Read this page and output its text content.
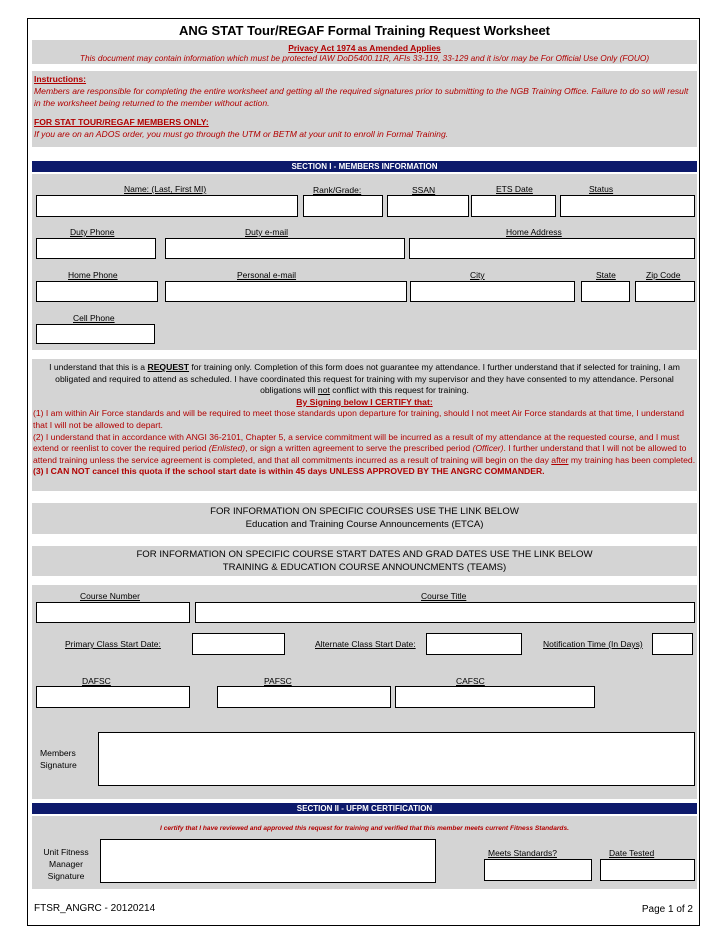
ANG STAT Tour/REGAF Formal Training Request Worksheet
Privacy Act 1974 as Amended Applies
This document may contain information which must be protected IAW DoD5400.11R, AFIs 33-119, 33-129 and it is/or may be For Official Use Only (FOUO)
Instructions:
Members are responsible for completing the entire worksheet and getting all the required signatures prior to submitting to the NGB Training Office. Failure to do so will result in the worksheet being returned to the member without action.
FOR STAT TOUR/REGAF MEMBERS ONLY:
If you are on an ADOS order, you must go through the UTM or BETM at your unit to enroll in Formal Training.
SECTION I - MEMBERS INFORMATION
Name: (Last, First MI)	Rank/Grade:	SSAN	ETS Date	Status
Duty Phone	Duty e-mail	Home Address
Home Phone	Personal e-mail	City	State	Zip Code
Cell Phone
I understand that this is a REQUEST for training only. Completion of this form does not guarantee my attendance. I further understand that if selected for training, I am obligated and required to attend as scheduled. I have coordinated this request for training with my supervisor and they have consented to my attendance. Personal obligations will not conflict with this request for training.
By Signing below I CERTIFY that:
(1) I am within Air Force standards and will be required to meet those standards upon departure for training, should I not meet Air Force standards at that time, I understand that I will not be allowed to depart.
(2) I understand that in accordance with ANGI 36-2101, Chapter 5, a service commitment will be incurred as a result of my attendance at the requested course, and I must extend or reenlist to cover the required period (Enlisted), or sign a written agreement to serve the prescribed period (Officer). I further understand that I will not be allowed to attend training unless the service agreement is completed, and that all commitments incurred as a result of training will begin on the day after my training has been completed.
(3) I CAN NOT cancel this quota if the school start date is within 45 days UNLESS APPROVED BY THE ANGRC COMMANDER.
FOR INFORMATION ON SPECIFIC COURSES USE THE LINK BELOW
Education and Training Course Announcements (ETCA)
FOR INFORMATION ON SPECIFIC COURSE START DATES AND GRAD DATES USE THE LINK BELOW
TRAINING & EDUCATION COURSE ANNOUNCMENTS (TEAMS)
Course Number	Course Title
Primary Class Start Date:	Alternate Class Start Date:	Notification Time (In Days)
DAFSC	PAFSC	CAFSC
Members
Signature
SECTION II - UFPM CERTIFICATION
I certify that I have reviewed and approved this request for training and verified that this member meets current Fitness Standards.
Unit Fitness
Manager
Signature
Meets Standards?	Date Tested
FTSR_ANGRC - 20120214	Page 1 of 2
